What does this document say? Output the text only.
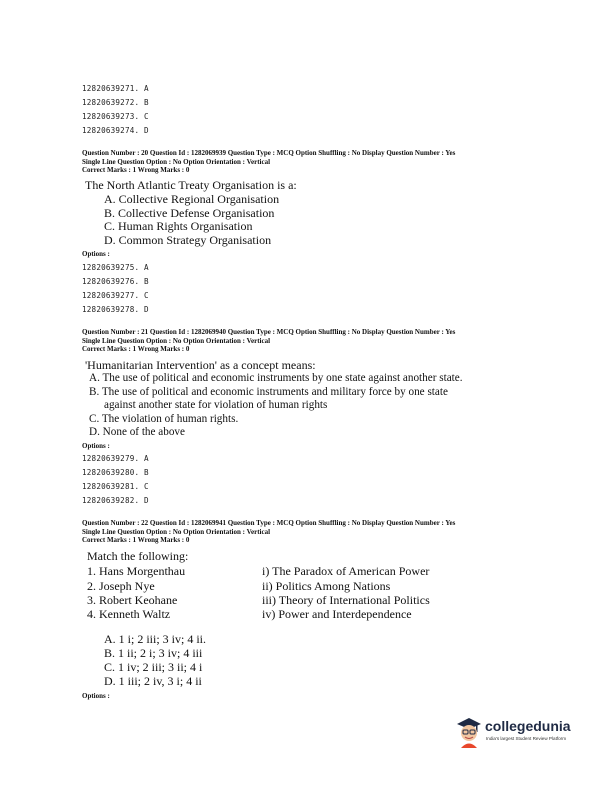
12820639271. A
12820639272. B
12820639273. C
12820639274. D
Question Number : 20 Question Id : 1282069939 Question Type : MCQ Option Shuffling : No Display Question Number : Yes
Single Line Question Option : No Option Orientation : Vertical
Correct Marks : 1 Wrong Marks : 0
The North Atlantic Treaty Organisation is a:
A. Collective Regional Organisation
B. Collective Defense Organisation
C. Human Rights Organisation
D. Common Strategy Organisation
Options :
12820639275. A
12820639276. B
12820639277. C
12820639278. D
Question Number : 21 Question Id : 1282069940 Question Type : MCQ Option Shuffling : No Display Question Number : Yes
Single Line Question Option : No Option Orientation : Vertical
Correct Marks : 1 Wrong Marks : 0
'Humanitarian Intervention' as a concept means:
A. The use of political and economic instruments by one state against another state.
B. The use of political and economic instruments and military force by one state
against another state for violation of human rights
C. The violation of human rights.
D. None of the above
Options :
12820639279. A
12820639280. B
12820639281. C
12820639282. D
Question Number : 22 Question Id : 1282069941 Question Type : MCQ Option Shuffling : No Display Question Number : Yes
Single Line Question Option : No Option Orientation : Vertical
Correct Marks : 1 Wrong Marks : 0
Match the following:
1. Hans Morgenthau
2. Joseph Nye
3. Robert Keohane
4. Kenneth Waltz
i) The Paradox of American Power
ii) Politics Among Nations
iii) Theory of International Politics
iv) Power and Interdependence
A. 1 i; 2 iii; 3 iv; 4 ii.
B. 1 ii; 2 i; 3 iv; 4 iii
C. 1 iv; 2 iii; 3 ii; 4 i
D. 1 iii; 2 iv, 3 i; 4 ii
Options :
collegedunia
India's largest Student Review Platform
